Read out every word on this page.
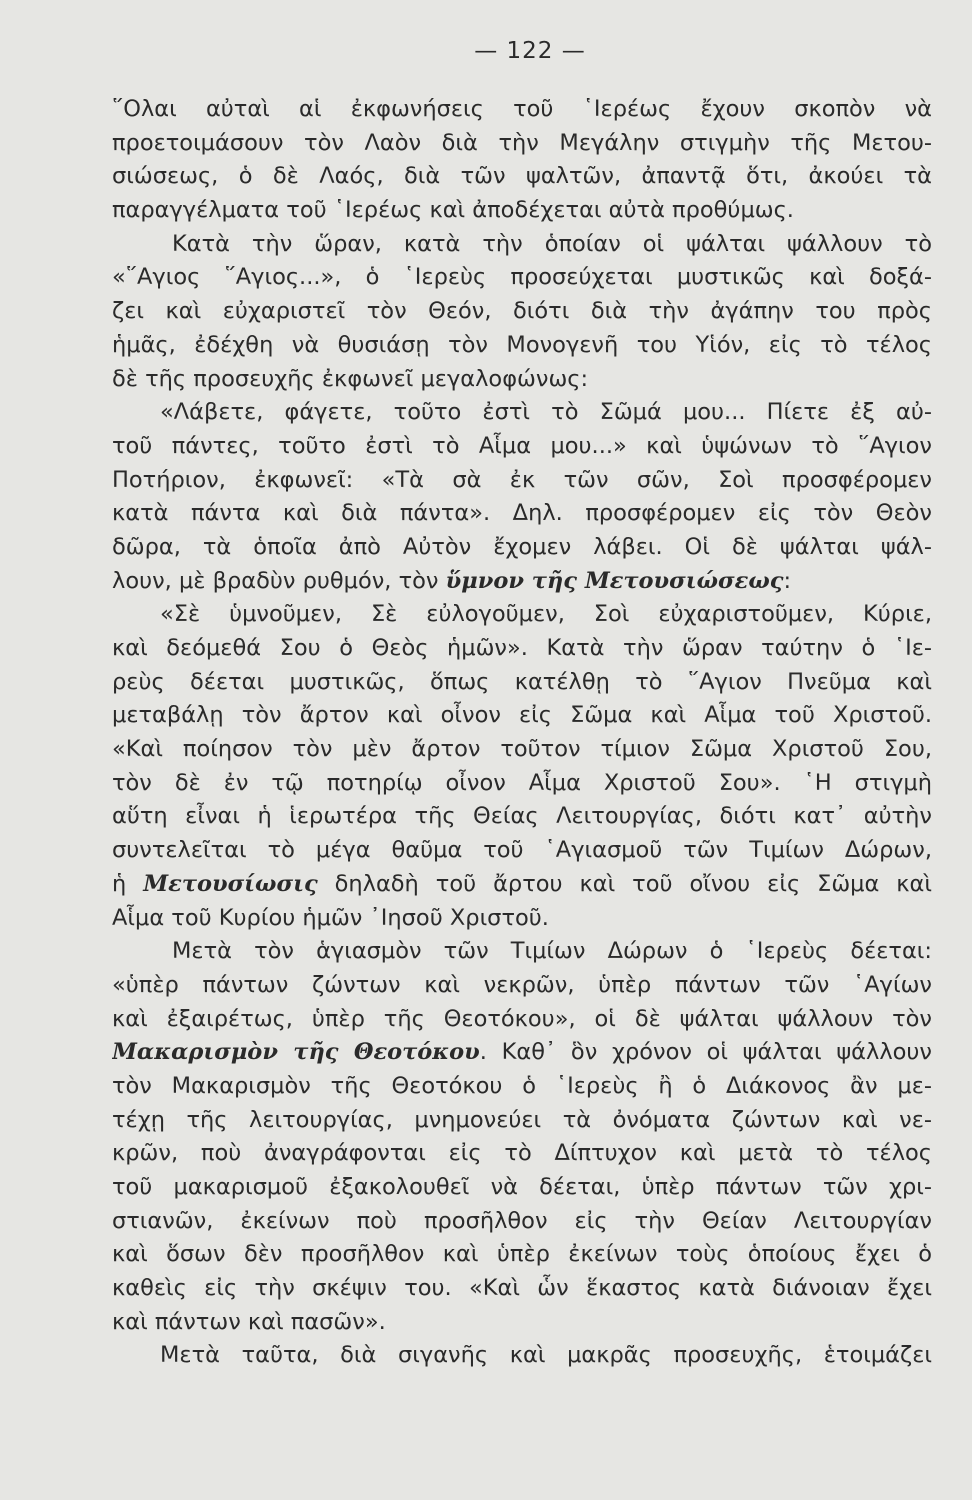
— 122 —
῞Ολαι αὐταὶ αἱ ἐκφωνήσεις τοῦ ῾Ιερέως ἔχουν σκοπὸν νὰ
προετοιμάσουν τὸν Λαὸν διὰ τὴν Μεγάλην στιγμὴν τῆς Μετου-
σιώσεως, ὁ δὲ Λαός, διὰ τῶν ψαλτῶν, ἀπαντᾷ ὅτι, ἀκούει τὰ
παραγγέλματα τοῦ ῾Ιερέως καὶ ἀποδέχεται αὐτὰ προθύμως.
Κατὰ τὴν ὥραν, κατὰ τὴν ὁποίαν οἱ ψάλται ψάλλουν τὸ
«῞Αγιος ῞Αγιος...», ὁ ῾Ιερεὺς προσεύχεται μυστικῶς καὶ δοξά-
ζει καὶ εὐχαριστεῖ τὸν Θεόν, διότι διὰ τὴν ἀγάπην του πρὸς
ἡμᾶς, ἐδέχθη νὰ θυσιάσῃ τὸν Μονογενῆ του Υἱόν, εἰς τὸ τέλος
δὲ τῆς προσευχῆς ἐκφωνεῖ μεγαλοφώνως:
«Λάβετε, φάγετε, τοῦτο ἐστὶ τὸ Σῶμά μου... Πίετε ἐξ αὐ-
τοῦ πάντες, τοῦτο ἐστὶ τὸ Αἷμα μου...» καὶ ὑψώνων τὸ ῞Αγιον
Ποτήριον, ἐκφωνεῖ: «Τὰ σὰ ἐκ τῶν σῶν, Σοὶ προσφέρομεν
κατὰ πάντα καὶ διὰ πάντα». Δηλ. προσφέρομεν εἰς τὸν Θεὸν
δῶρα, τὰ ὁποῖα ἀπὸ Αὐτὸν ἔχομεν λάβει. Οἱ δὲ ψάλται ψάλ-
λουν, μὲ βραδὺν ρυθμόν, τὸν ὕμνον τῆς Μετουσιώσεως:
«Σὲ ὑμνοῦμεν, Σὲ εὐλογοῦμεν, Σοὶ εὐχαριστοῦμεν, Κύριε,
καὶ δεόμεθά Σου ὁ Θεὸς ἡμῶν». Κατὰ τὴν ὥραν ταύτην ὁ ῾Ιε-
ρεὺς δέεται μυστικῶς, ὅπως κατέλθῃ τὸ ῞Αγιον Πνεῦμα καὶ
μεταβάλῃ τὸν ἄρτον καὶ οἶνον εἰς Σῶμα καὶ Αἷμα τοῦ Χριστοῦ.
«Καὶ ποίησον τὸν μὲν ἄρτον τοῦτον τίμιον Σῶμα Χριστοῦ Σου,
τὸν δὲ ἐν τῷ ποτηρίῳ οἶνον Αἷμα Χριστοῦ Σου». ῾Η στιγμὴ
αὕτη εἶναι ἡ ἱερωτέρα τῆς Θείας Λειτουργίας, διότι κατ᾽ αὐτὴν
συντελεῖται τὸ μέγα θαῦμα τοῦ ῾Αγιασμοῦ τῶν Τιμίων Δώρων,
ἡ Μετουσίωσις δηλαδὴ τοῦ ἄρτου καὶ τοῦ οἴνου εἰς Σῶμα καὶ
Αἷμα τοῦ Κυρίου ἡμῶν ᾽Ιησοῦ Χριστοῦ.
Μετὰ τὸν ἁγιασμὸν τῶν Τιμίων Δώρων ὁ ῾Ιερεὺς δέεται:
«ὑπὲρ πάντων ζώντων καὶ νεκρῶν, ὑπὲρ πάντων τῶν ῾Αγίων
καὶ ἐξαιρέτως, ὑπὲρ τῆς Θεοτόκου», οἱ δὲ ψάλται ψάλλουν τὸν
Μακαρισμὸν τῆς Θεοτόκου. Καθ᾽ ὃν χρόνον οἱ ψάλται ψάλλουν
τὸν Μακαρισμὸν τῆς Θεοτόκου ὁ ῾Ιερεὺς ἢ ὁ Διάκονος ἂν με-
τέχῃ τῆς λειτουργίας, μνημονεύει τὰ ὀνόματα ζώντων καὶ νε-
κρῶν, ποὺ ἀναγράφονται εἰς τὸ Δίπτυχον καὶ μετὰ τὸ τέλος
τοῦ μακαρισμοῦ ἐξακολουθεῖ νὰ δέεται, ὑπὲρ πάντων τῶν χρι-
στιανῶν, ἐκείνων ποὺ προσῆλθον εἰς τὴν Θείαν Λειτουργίαν
καὶ ὅσων δὲν προσῆλθον καὶ ὑπὲρ ἐκείνων τοὺς ὁποίους ἔχει ὁ
καθεὶς εἰς τὴν σκέψιν του. «Καὶ ὧν ἕκαστος κατὰ διάνοιαν ἔχει
καὶ πάντων καὶ πασῶν».
Μετὰ ταῦτα, διὰ σιγανῆς καὶ μακρᾶς προσευχῆς, ἑτοιμάζει
